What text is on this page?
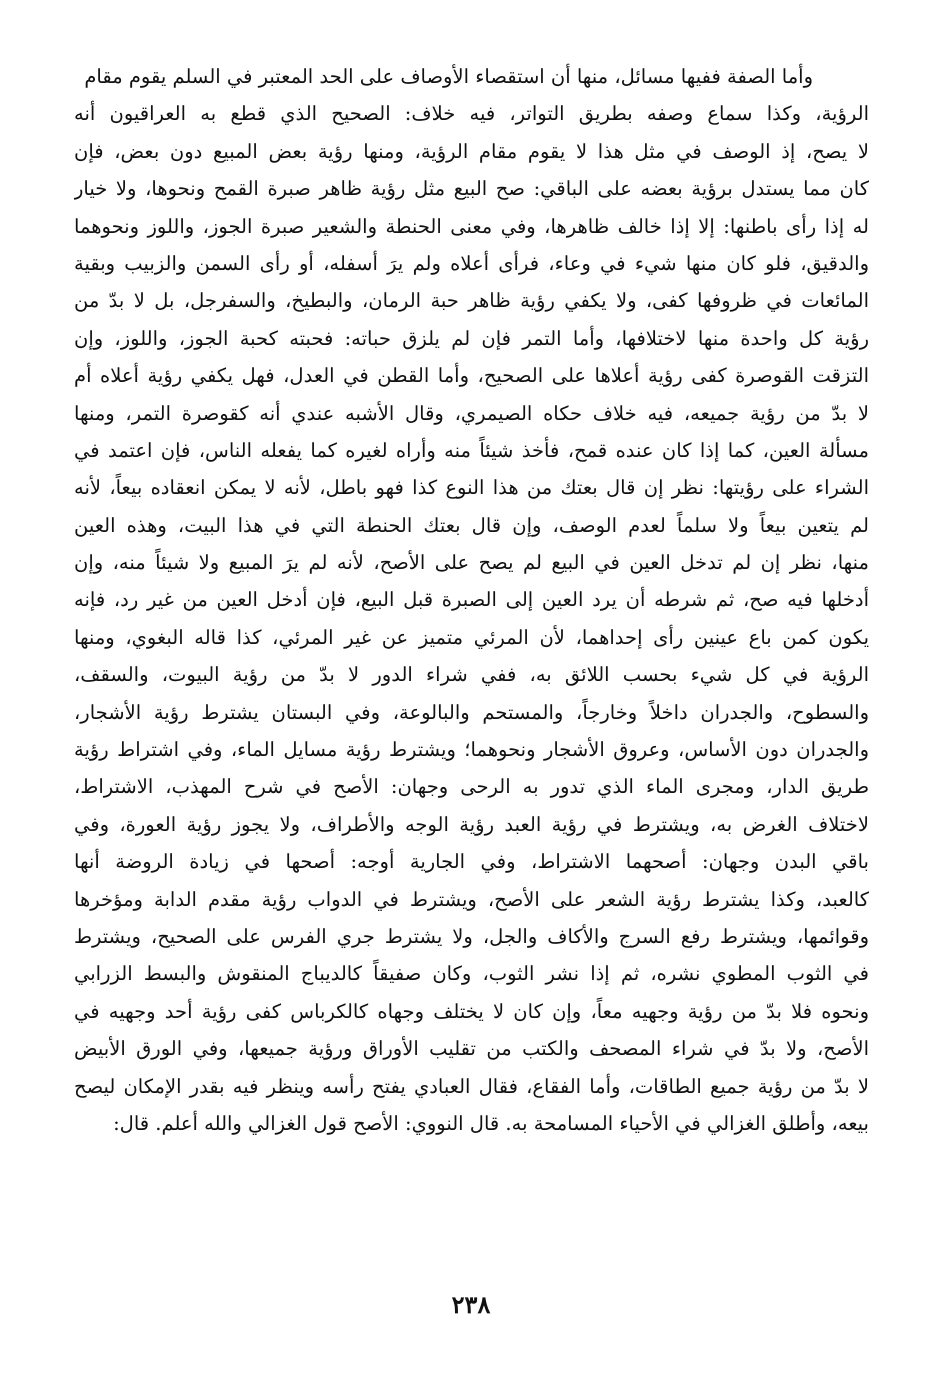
وأما الصفة ففيها مسائل، منها أن استقصاء الأوصاف على الحد المعتبر في السلم يقوم مقام
الرؤية، وكذا سماع وصفه بطريق التواتر، فيه خلاف: الصحيح الذي قطع به العراقيون أنه
لا يصح، إذ الوصف في مثل هذا لا يقوم مقام الرؤية، ومنها رؤية بعض المبيع دون بعض، فإن
كان مما يستدل برؤية بعضه على الباقي: صح البيع مثل رؤية ظاهر صبرة القمح ونحوها، ولا خيار
له إذا رأى باطنها: إلا إذا خالف ظاهرها، وفي معنى الحنطة والشعير صبرة الجوز، واللوز ونحوهما
والدقيق، فلو كان منها شيء في وعاء، فرأى أعلاه ولم يرَ أسفله، أو رأى السمن والزبيب وبقية
المائعات في ظروفها كفى، ولا يكفي رؤية ظاهر حبة الرمان، والبطيخ، والسفرجل، بل لا بدّ من
رؤية كل واحدة منها لاختلافها، وأما التمر فإن لم يلزق حباته: فحبته كحبة الجوز، واللوز، وإن
التزقت القوصرة كفى رؤية أعلاها على الصحيح، وأما القطن في العدل، فهل يكفي رؤية أعلاه أم
لا بدّ من رؤية جميعه، فيه خلاف حكاه الصيمري، وقال الأشبه عندي أنه كقوصرة التمر، ومنها
مسألة العين، كما إذا كان عنده قمح، فأخذ شيئاً منه وأراه لغيره كما يفعله الناس، فإن اعتمد في
الشراء على رؤيتها: نظر إن قال بعتك من هذا النوع كذا فهو باطل، لأنه لا يمكن انعقاده بيعاً، لأنه
لم يتعين بيعاً ولا سلماً لعدم الوصف، وإن قال بعتك الحنطة التي في هذا البيت، وهذه العين
منها، نظر إن لم تدخل العين في البيع لم يصح على الأصح، لأنه لم يرَ المبيع ولا شيئاً منه، وإن
أدخلها فيه صح، ثم شرطه أن يرد العين إلى الصبرة قبل البيع، فإن أدخل العين من غير رد، فإنه
يكون كمن باع عينين رأى إحداهما، لأن المرئي متميز عن غير المرئي، كذا قاله البغوي، ومنها
الرؤية في كل شيء بحسب اللائق به، ففي شراء الدور لا بدّ من رؤية البيوت، والسقف،
والسطوح، والجدران داخلاً وخارجاً، والمستحم والبالوعة، وفي البستان يشترط رؤية الأشجار،
والجدران دون الأساس، وعروق الأشجار ونحوهما؛ ويشترط رؤية مسايل الماء، وفي اشتراط رؤية
طريق الدار، ومجرى الماء الذي تدور به الرحى وجهان: الأصح في شرح المهذب، الاشتراط،
لاختلاف الغرض به، ويشترط في رؤية العبد رؤية الوجه والأطراف، ولا يجوز رؤية العورة، وفي
باقي البدن وجهان: أصحهما الاشتراط، وفي الجارية أوجه: أصحها في زيادة الروضة أنها
كالعبد، وكذا يشترط رؤية الشعر على الأصح، ويشترط في الدواب رؤية مقدم الدابة ومؤخرها
وقوائمها، ويشترط رفع السرج والأكاف والجل، ولا يشترط جري الفرس على الصحيح، ويشترط
في الثوب المطوي نشره، ثم إذا نشر الثوب، وكان صفيقاً كالديباج المنقوش والبسط الزرابي
ونحوه فلا بدّ من رؤية وجهيه معاً، وإن كان لا يختلف وجهاه كالكرباس كفى رؤية أحد وجهيه في
الأصح، ولا بدّ في شراء المصحف والكتب من تقليب الأوراق ورؤية جميعها، وفي الورق الأبيض
لا بدّ من رؤية جميع الطاقات، وأما الفقاع، فقال العبادي يفتح رأسه وينظر فيه بقدر الإمكان ليصح
بيعه، وأطلق الغزالي في الأحياء المسامحة به. قال النووي: الأصح قول الغزالي والله أعلم. قال:
٢٣٨
